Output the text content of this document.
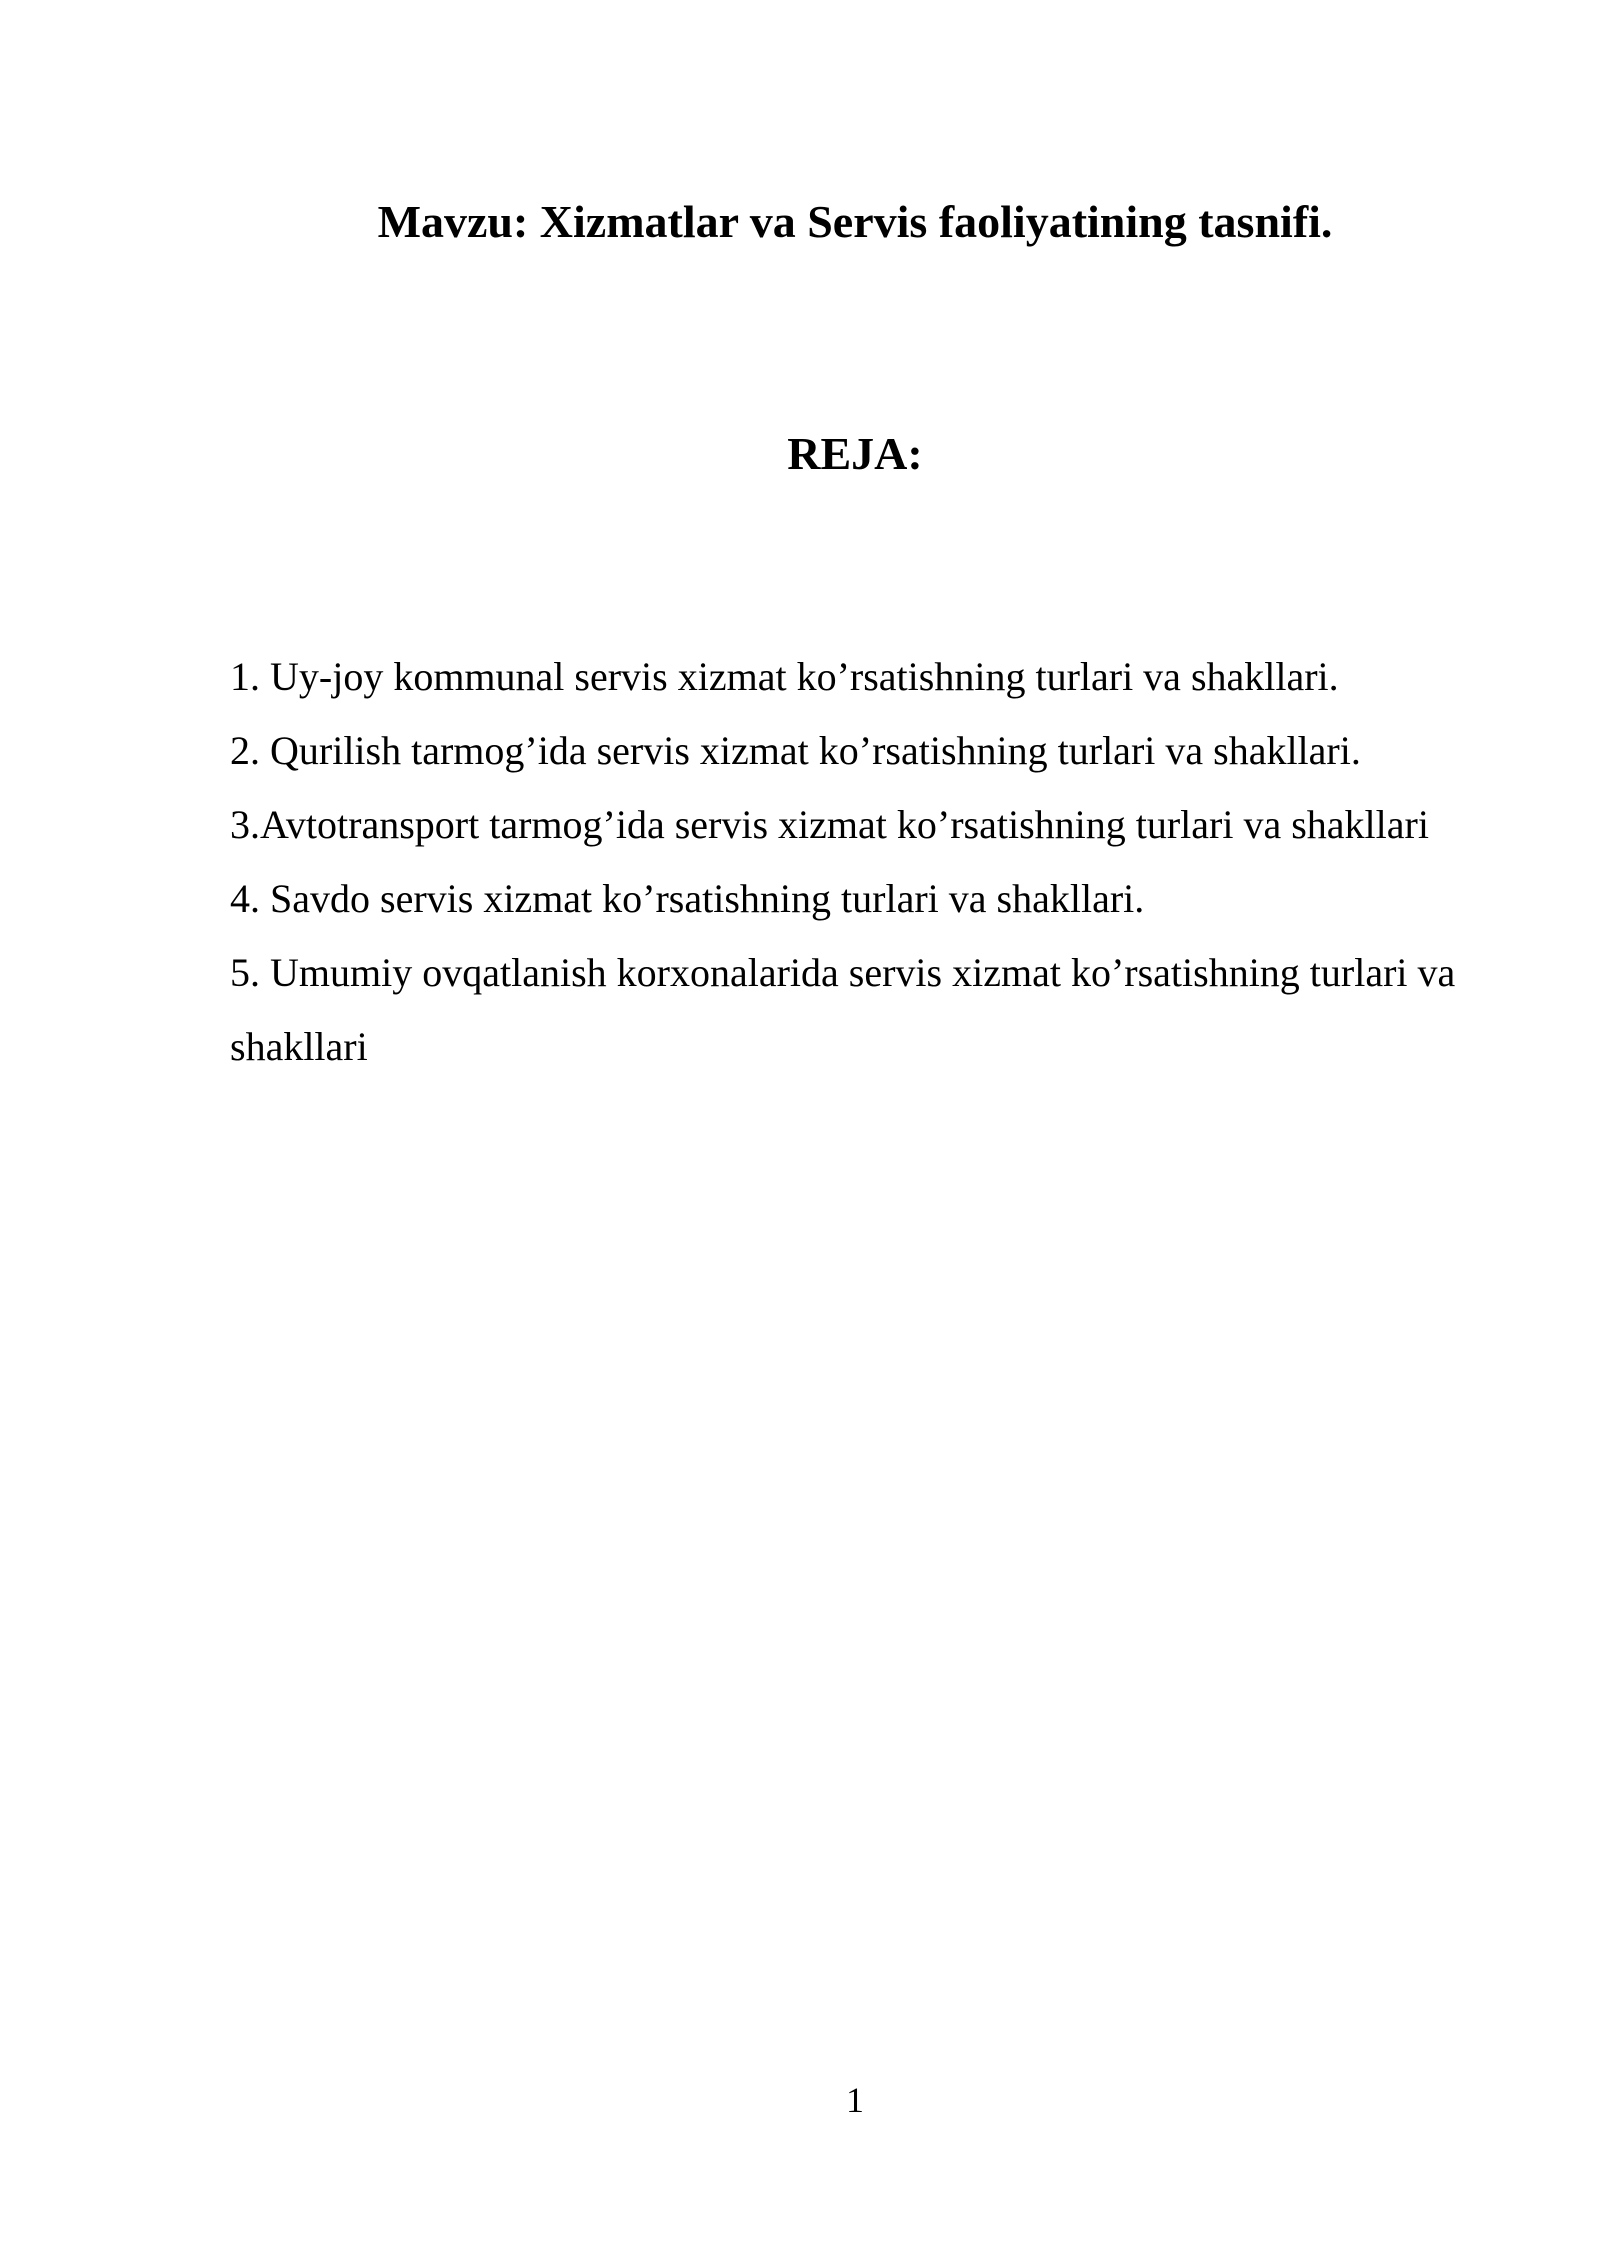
Mavzu: Xizmatlar va Servis faoliyatining tasnifi.
REJA:
1. Uy-joy kommunal servis xizmat ko’rsatishning turlari va shakllari.
2. Qurilish tarmog’ida servis xizmat ko’rsatishning turlari va shakllari.
3.Avtotransport tarmog’ida servis xizmat ko’rsatishning turlari va shakllari
4. Savdo servis xizmat ko’rsatishning turlari va shakllari.
5. Umumiy ovqatlanish korxonalarida servis xizmat ko’rsatishning turlari va shakllari
1
